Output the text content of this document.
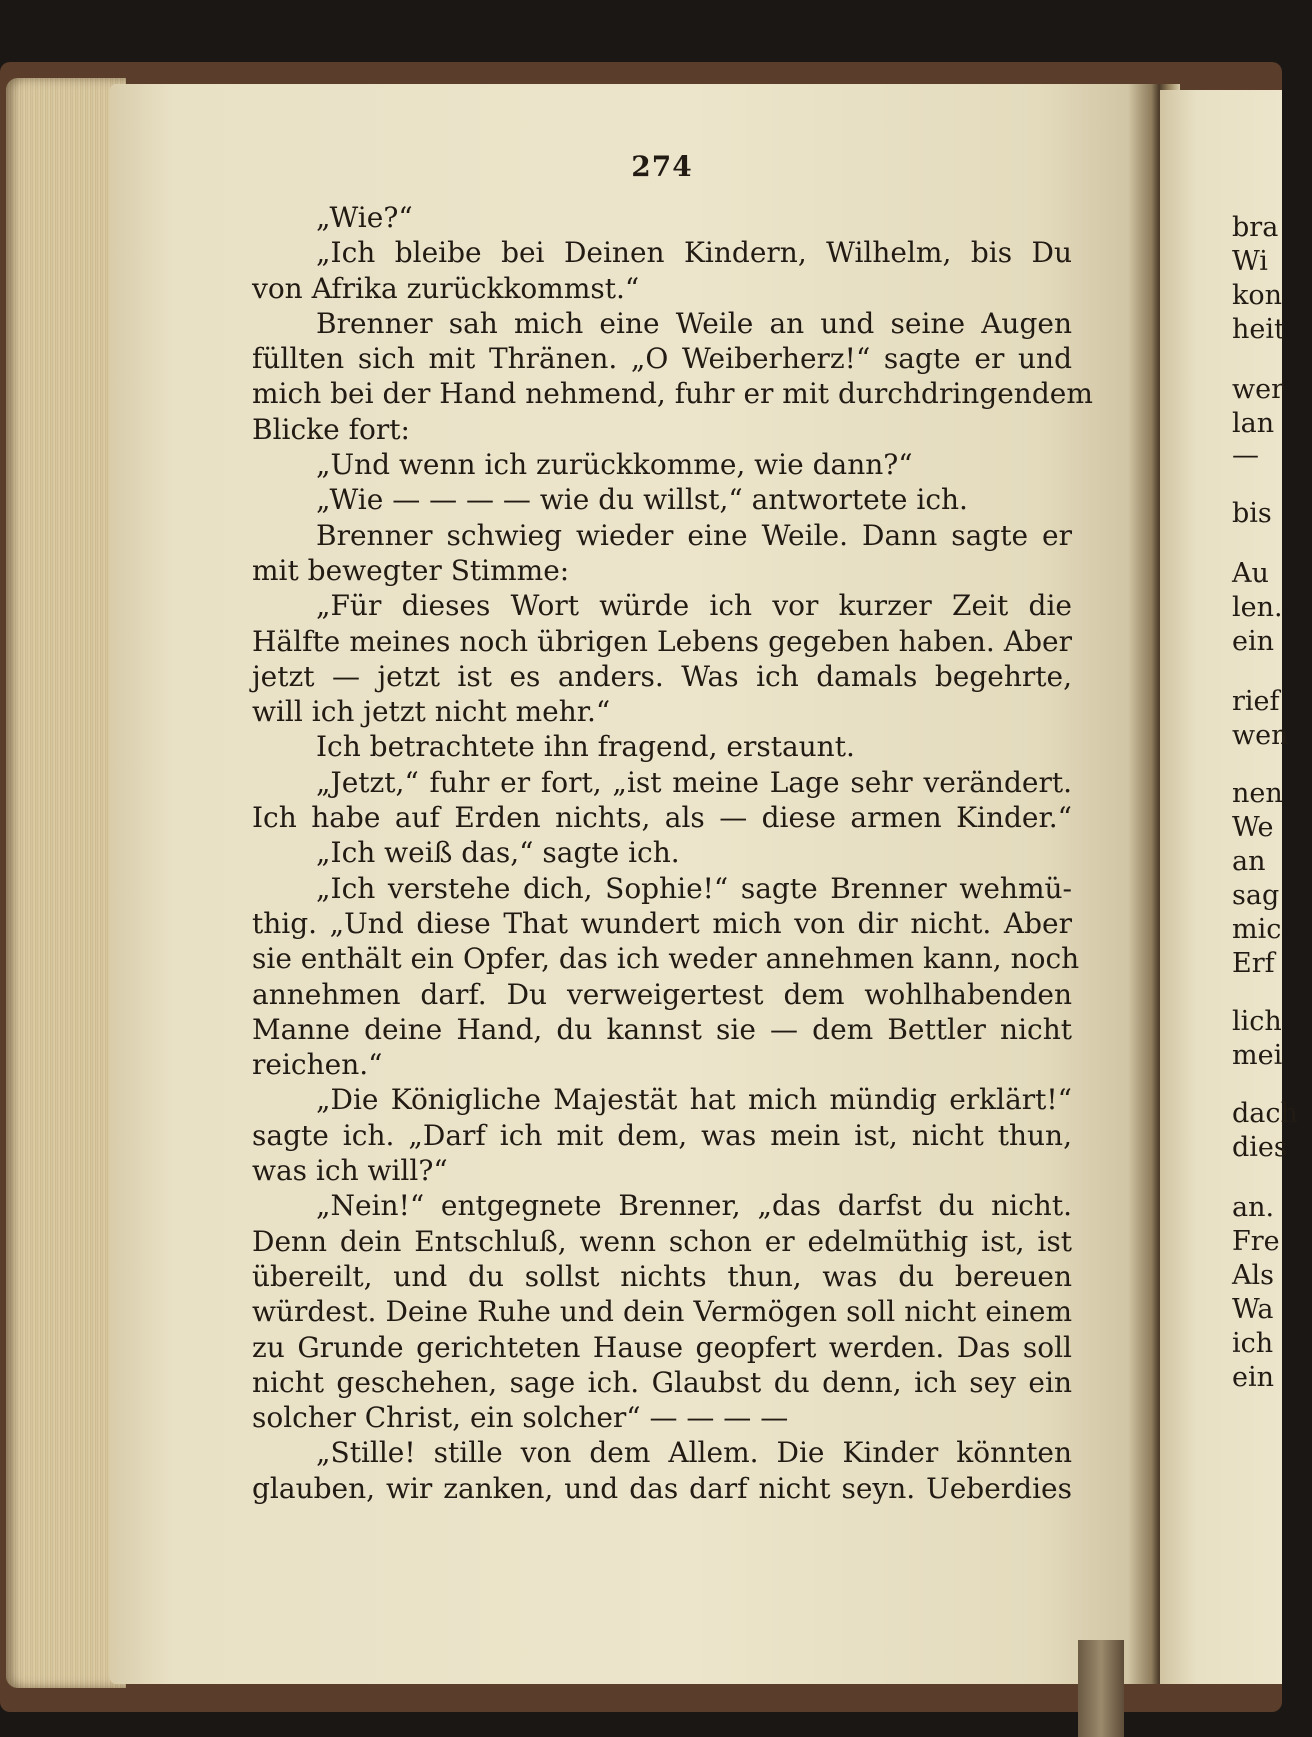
274
„Wie?“
„Ich bleibe bei Deinen Kindern, Wilhelm, bis Du
von Afrika zurückkommst.“
Brenner sah mich eine Weile an und seine Augen
füllten sich mit Thränen. „O Weiberherz!“ sagte er und
mich bei der Hand nehmend, fuhr er mit durchdringendem
Blicke fort:
„Und wenn ich zurückkomme, wie dann?“
„Wie — — — — wie du willst,“ antwortete ich.
Brenner schwieg wieder eine Weile. Dann sagte er
mit bewegter Stimme:
„Für dieses Wort würde ich vor kurzer Zeit die
Hälfte meines noch übrigen Lebens gegeben haben. Aber
jetzt — jetzt ist es anders. Was ich damals begehrte,
will ich jetzt nicht mehr.“
Ich betrachtete ihn fragend, erstaunt.
„Jetzt,“ fuhr er fort, „ist meine Lage sehr verändert.
Ich habe auf Erden nichts, als — diese armen Kinder.“
„Ich weiß das,“ sagte ich.
„Ich verstehe dich, Sophie!“ sagte Brenner wehmü-
thig. „Und diese That wundert mich von dir nicht. Aber
sie enthält ein Opfer, das ich weder annehmen kann, noch
annehmen darf. Du verweigertest dem wohlhabenden
Manne deine Hand, du kannst sie — dem Bettler nicht
reichen.“
„Die Königliche Majestät hat mich mündig erklärt!“
sagte ich. „Darf ich mit dem, was mein ist, nicht thun,
was ich will?“
„Nein!“ entgegnete Brenner, „das darfst du nicht.
Denn dein Entschluß, wenn schon er edelmüthig ist, ist
übereilt, und du sollst nichts thun, was du bereuen
würdest. Deine Ruhe und dein Vermögen soll nicht einem
zu Grunde gerichteten Hause geopfert werden. Das soll
nicht geschehen, sage ich. Glaubst du denn, ich sey ein
solcher Christ, ein solcher“ — — — —
„Stille! stille von dem Allem. Die Kinder könnten
glauben, wir zanken, und das darf nicht seyn. Ueberdies
bra
Wi
kon
heit
wer
lan
—
bis
Au
len.
ein
rief
wen
nen
We
an
sag
mic
Erf
lich
mei
dach
dies
an.
Fre
Als
Wa
ich
ein
